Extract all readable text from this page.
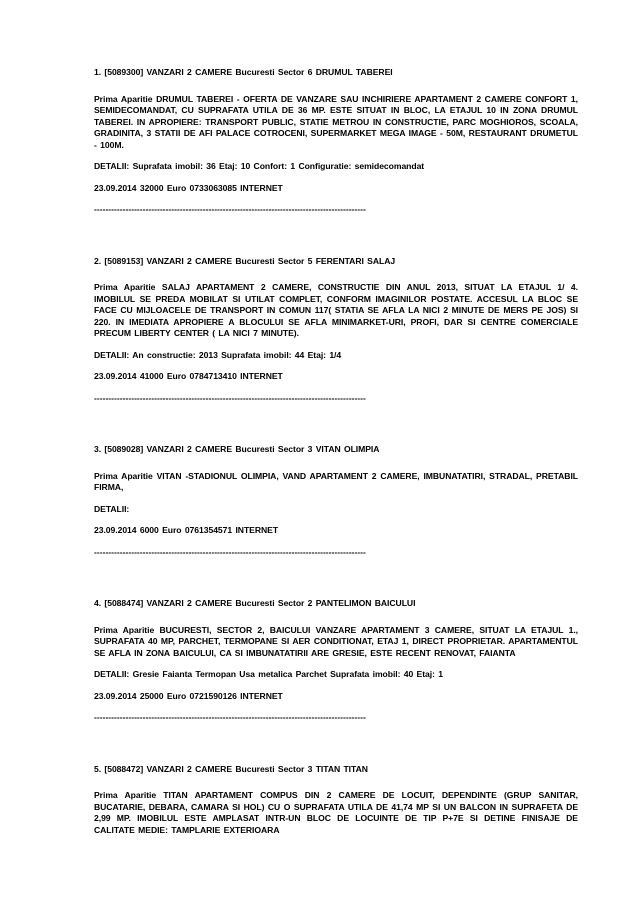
1. [5089300] VANZARI 2 CAMERE Bucuresti Sector 6 DRUMUL TABEREI

Prima Aparitie DRUMUL TABEREI - OFERTA DE VANZARE SAU INCHIRIERE APARTAMENT 2 CAMERE CONFORT 1, SEMIDECOMANDAT, CU SUPRAFATA UTILA DE 36 MP. ESTE SITUAT IN BLOC, LA ETAJUL 10 IN ZONA DRUMUL TABEREI. IN APROPIERE: TRANSPORT PUBLIC, STATIE METROU IN CONSTRUCTIE, PARC MOGHIOROS, SCOALA, GRADINITA, 3 STATII DE AFI PALACE COTROCENI, SUPERMARKET MEGA IMAGE - 50M, RESTAURANT DRUMETUL - 100M.

DETALII: Suprafata imobil: 36 Etaj: 10 Confort: 1 Configuratie: semidecomandat

23.09.2014 32000 Euro 0733063085 INTERNET

-----------------------------------------------------------------------------------------------

2. [5089153] VANZARI 2 CAMERE Bucuresti Sector 5 FERENTARI SALAJ

Prima Aparitie SALAJ APARTAMENT 2 CAMERE, CONSTRUCTIE DIN ANUL 2013, SITUAT LA ETAJUL 1/ 4. IMOBILUL SE PREDA MOBILAT SI UTILAT COMPLET, CONFORM IMAGINILOR POSTATE. ACCESUL LA BLOC SE FACE CU MIJLOACELE DE TRANSPORT IN COMUN 117( STATIA SE AFLA LA NICI 2 MINUTE DE MERS PE JOS) SI 220. IN IMEDIATA APROPIERE A BLOCULUI SE AFLA MINIMARKET-URI, PROFI, DAR SI CENTRE COMERCIALE PRECUM LIBERTY CENTER ( LA NICI 7 MINUTE).

DETALII: An constructie: 2013 Suprafata imobil: 44 Etaj: 1/4

23.09.2014 41000 Euro 0784713410 INTERNET

-----------------------------------------------------------------------------------------------

3. [5089028] VANZARI 2 CAMERE Bucuresti Sector 3 VITAN OLIMPIA

Prima Aparitie VITAN -STADIONUL OLIMPIA, VAND APARTAMENT 2 CAMERE, IMBUNATATIRI, STRADAL, PRETABIL FIRMA,

DETALII:

23.09.2014 6000 Euro 0761354571 INTERNET

-----------------------------------------------------------------------------------------------

4. [5088474] VANZARI 2 CAMERE Bucuresti Sector 2 PANTELIMON BAICULUI

Prima Aparitie BUCURESTI, SECTOR 2, BAICULUI VANZARE APARTAMENT 3 CAMERE, SITUAT LA ETAJUL 1., SUPRAFATA 40 MP, PARCHET, TERMOPANE SI AER CONDITIONAT, ETAJ 1, DIRECT PROPRIETAR. APARTAMENTUL SE AFLA IN ZONA BAICULUI, CA SI IMBUNATATIRII ARE GRESIE, ESTE RECENT RENOVAT, FAIANTA

DETALII: Gresie Faianta Termopan Usa metalica Parchet Suprafata imobil: 40 Etaj: 1

23.09.2014 25000 Euro 0721590126 INTERNET

-----------------------------------------------------------------------------------------------

5. [5088472] VANZARI 2 CAMERE Bucuresti Sector 3 TITAN TITAN

Prima Aparitie TITAN APARTAMENT COMPUS DIN 2 CAMERE DE LOCUIT, DEPENDINTE (GRUP SANITAR, BUCATARIE, DEBARA, CAMARA SI HOL) CU O SUPRAFATA UTILA DE 41,74 MP SI UN BALCON IN SUPRAFETA DE 2,99 MP. IMOBILUL ESTE AMPLASAT INTR-UN BLOC DE LOCUINTE DE TIP P+7E SI DETINE FINISAJE DE CALITATE MEDIE: TAMPLARIE EXTERIOARA
